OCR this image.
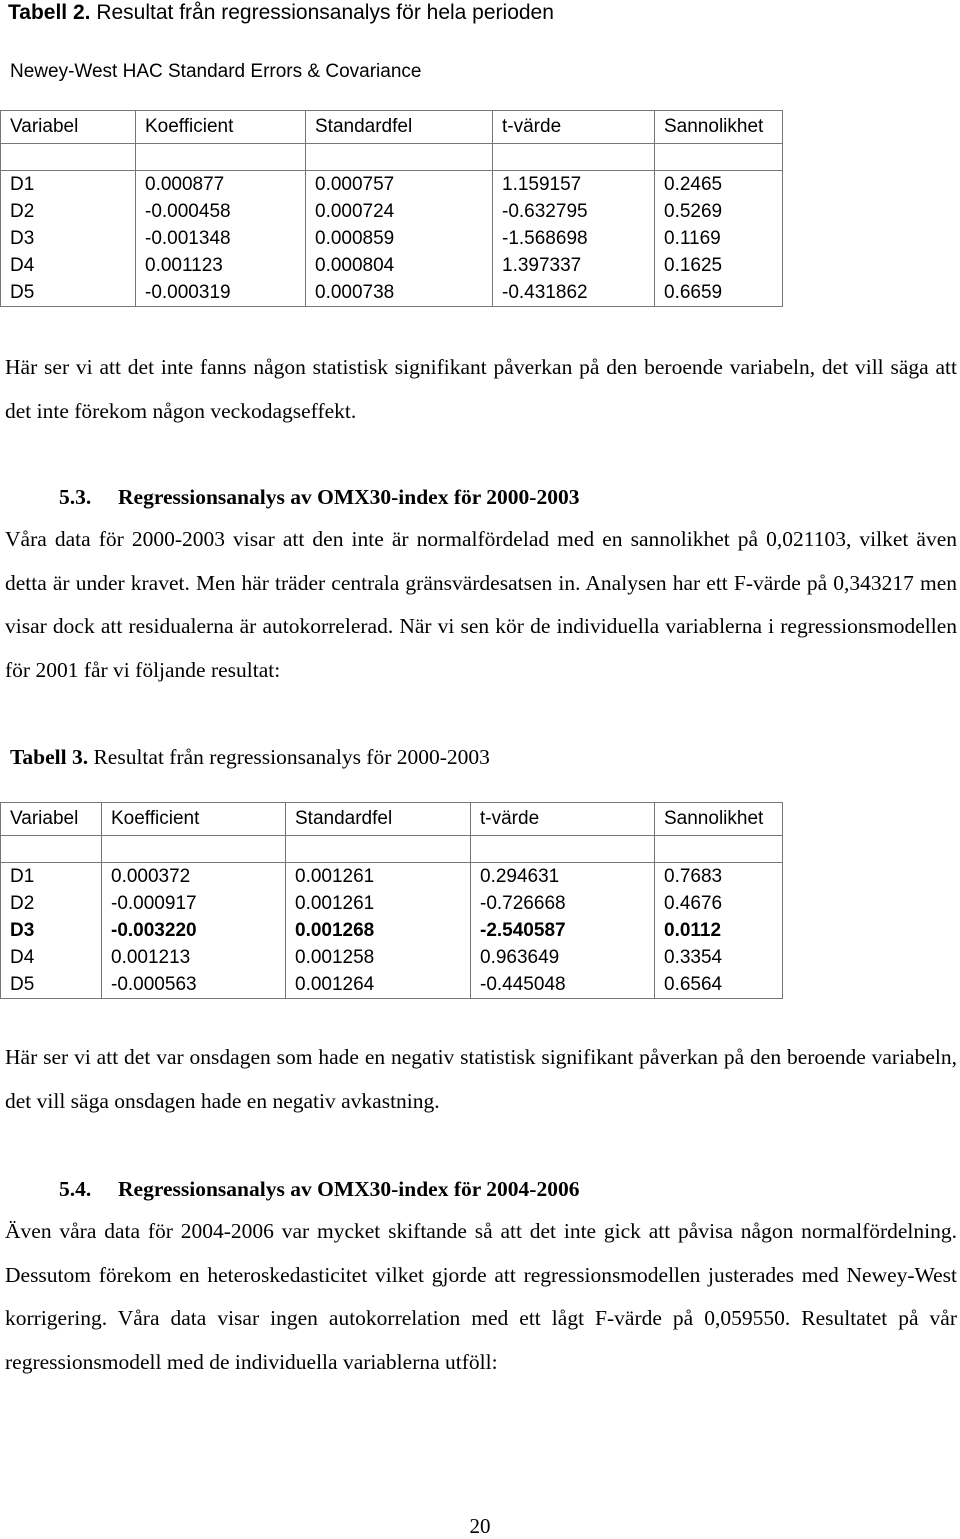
Tabell 2. Resultat från regressionsanalys för hela perioden
Newey-West HAC Standard Errors & Covariance
Variabel	Koefficient	Standardfel	t-värde	Sannolikhet

D1	0.000877	0.000757	1.159157	0.2465
D2	-0.000458	0.000724	-0.632795	0.5269
D3	-0.001348	0.000859	-1.568698	0.1169
D4	0.001123	0.000804	1.397337	0.1625
D5	-0.000319	0.000738	-0.431862	0.6659

Här ser vi att det inte fanns någon statistisk signifikant påverkan på den beroende variabeln, det vill säga att det inte förekom någon veckodagseffekt.

5.3. Regressionsanalys av OMX30-index för 2000-2003

Våra data för 2000-2003 visar att den inte är normalfördelad med en sannolikhet på 0,021103, vilket även detta är under kravet. Men här träder centrala gränsvärdesatsen in. Analysen har ett F-värde på 0,343217 men visar dock att residualerna är autokorrelerad. När vi sen kör de individuella variablerna i regressionsmodellen för 2001 får vi följande resultat:

Tabell 3. Resultat från regressionsanalys för 2000-2003
Variabel	Koefficient	Standardfel	t-värde	Sannolikhet

D1	0.000372	0.001261	0.294631	0.7683
D2	-0.000917	0.001261	-0.726668	0.4676
D3	-0.003220	0.001268	-2.540587	0.0112
D4	0.001213	0.001258	0.963649	0.3354
D5	-0.000563	0.001264	-0.445048	0.6564

Här ser vi att det var onsdagen som hade en negativ statistisk signifikant påverkan på den beroende variabeln, det vill säga onsdagen hade en negativ avkastning.

5.4. Regressionsanalys av OMX30-index för 2004-2006

Även våra data för 2004-2006 var mycket skiftande så att det inte gick att påvisa någon normalfördelning. Dessutom förekom en heteroskedasticitet vilket gjorde att regressionsmodellen justerades med Newey-West korrigering. Våra data visar ingen autokorrelation med ett lågt F-värde på 0,059550. Resultatet på vår regressionsmodell med de individuella variablerna utföll:

20
